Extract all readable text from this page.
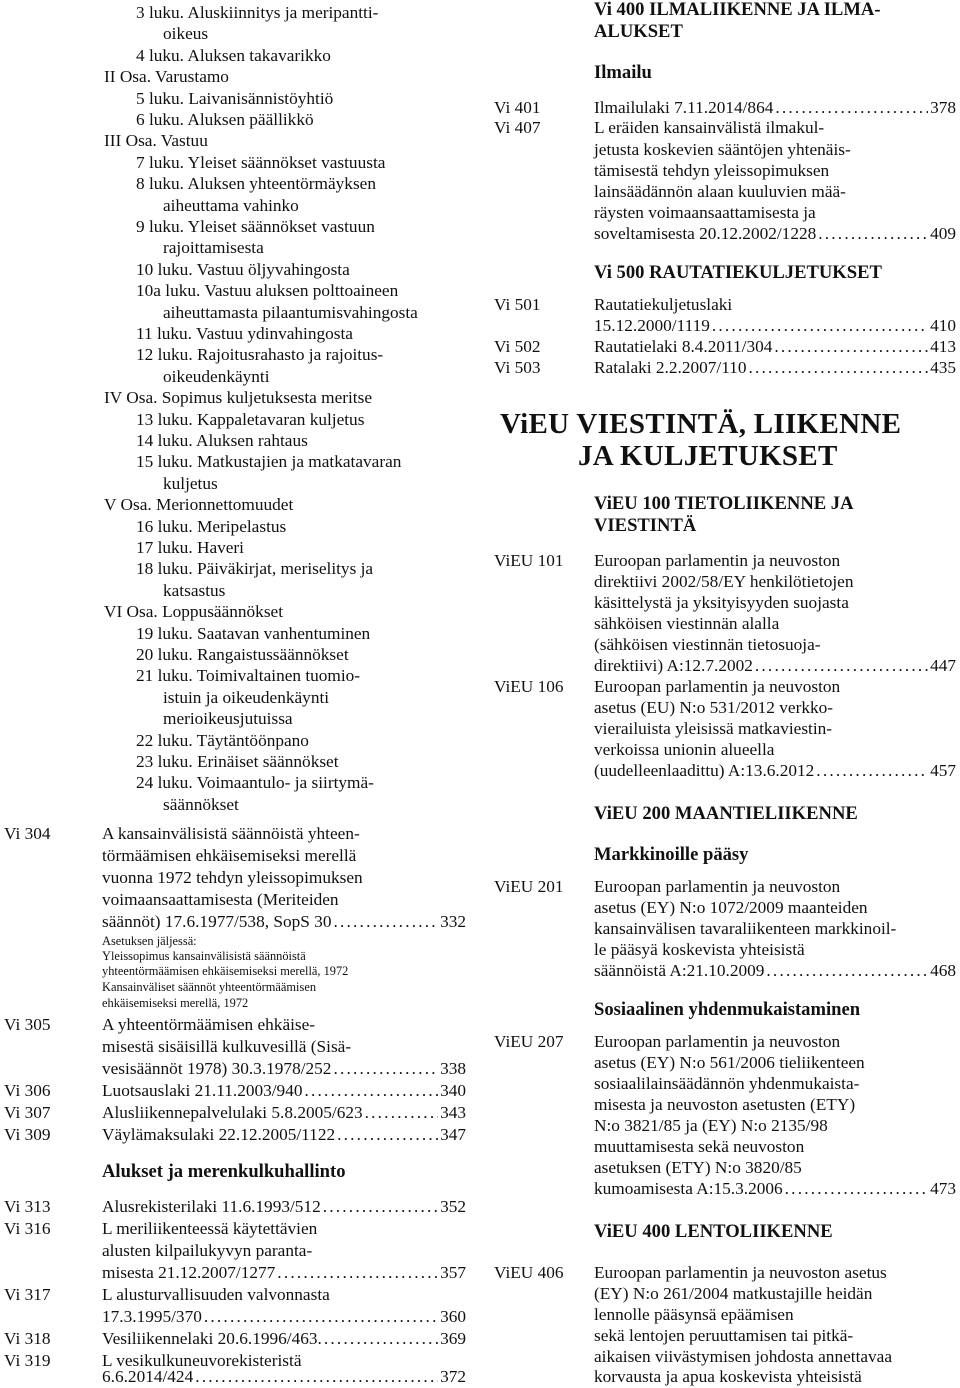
3 luku. Aluskiinnitys ja meripantti-
oikeus
4 luku. Aluksen takavarikko
II Osa. Varustamo
5 luku. Laivanisännistöyhtiö
6 luku. Aluksen päällikkö
III Osa. Vastuu
7 luku. Yleiset säännökset vastuusta
8 luku. Aluksen yhteentörmäyksen
aiheuttama vahinko
9 luku. Yleiset säännökset vastuun
rajoittamisesta
10 luku. Vastuu öljyvahingosta
10a luku. Vastuu aluksen polttoaineen
aiheuttamasta pilaantumisvahingosta
11 luku. Vastuu ydinvahingosta
12 luku. Rajoitusrahasto ja rajoitus-
oikeudenkäynti
IV Osa. Sopimus kuljetuksesta meritse
13 luku. Kappaletavaran kuljetus
14 luku. Aluksen rahtaus
15 luku. Matkustajien ja matkatavaran
kuljetus
V Osa. Merionnettomuudet
16 luku. Meripelastus
17 luku. Haveri
18 luku. Päiväkirjat, meriselitys ja
katsastus
VI Osa. Loppusäännökset
19 luku. Saatavan vanhentuminen
20 luku. Rangaistussäännökset
21 luku. Toimivaltainen tuomio-
istuin ja oikeudenkäynti
merioikeusjutuissa
22 luku. Täytäntöönpano
23 luku. Erinäiset säännökset
24 luku. Voimaantulo- ja siirtymä-
säännökset
Vi 304	A kansainvälisistä säännöistä yhteen-
törmäämisen ehkäisemiseksi merellä
vuonna 1972 tehdyn yleissopimuksen
voimaansaattamisesta (Meriteiden
säännöt) 17.6.1977/538, SopS 30 .....	332
Asetuksen jäljessä:
Yleissopimus kansainvälisistä säännöistä
yhteentörmäämisen ehkäisemiseksi merellä, 1972
Kansainväliset säännöt yhteentörmäämisen
ehkäisemiseksi merellä, 1972
Vi 305	A yhteentörmäämisen ehkäise-
misestä sisäisillä kulkuvesillä (Sisä-
vesisäännöt 1978) 30.3.1978/252 .....	338
Vi 306	Luotsauslaki 21.11.2003/940 .....	340
Vi 307	Alusliikennepalvelulaki 5.8.2005/623 .....	343
Vi 309	Väylämaksulaki 22.12.2005/1122 .....	347
Alukset ja merenkulkuhallinto
Vi 313	Alusrekisterilaki 11.6.1993/512 .....	352
Vi 316	L meriliikenteessä käytettävien
alusten kilpailukyvyn paranta-
misesta 21.12.2007/1277 .....	357
Vi 317	L alusturvallisuuden valvonnasta
17.3.1995/370 .....	360
Vi 318	Vesiliikennelaki 20.6.1996/463. .....	369
Vi 319	L vesikulkuneuvorekisteristä
6.6.2014/424 .....	372
Vi 400 ILMALIIKENNE JA ILMA-
ALUKSET
Ilmailu
Vi 401	Ilmailulaki 7.11.2014/864 .....	378
Vi 407	L eräiden kansainvälistä ilmakul-
jetusta koskevien sääntöjen yhtenäis-
tämisestä tehdyn yleissopimuksen
lainsäädännön alaan kuuluvien mää-
räysten voimaansaattamisesta ja
soveltamisesta 20.12.2002/1228 .....	409
Vi 500 RAUTATIEKULJETUKSET
Vi 501	Rautatiekuljetuslaki
15.12.2000/1119 .....	410
Vi 502	Rautatielaki 8.4.2011/304 .....	413
Vi 503	Ratalaki 2.2.2007/110 .....	435
ViEU VIESTINTÄ, LIIKENNE
JA KULJETUKSET
ViEU 100 TIETOLIIKENNE JA
VIESTINTÄ
ViEU 101 Euroopan parlamentin ja neuvoston
direktiivi 2002/58/EY henkilötietojen
käsittelystä ja yksityisyyden suojasta
sähköisen viestinnän alalla
(sähköisen viestinnän tietosuoja-
direktiivi) A:12.7.2002 .....	447
ViEU 106 Euroopan parlamentin ja neuvoston
asetus (EU) N:o 531/2012 verkko-
vierailuista yleisissä matkaviestin-
verkoissa unionin alueella
(uudelleenlaadittu) A:13.6.2012 .....	457
ViEU 200 MAANTIELIIKENNE
Markkinoille pääsy
ViEU 201 Euroopan parlamentin ja neuvoston
asetus (EY) N:o 1072/2009 maanteiden
kansainvälisen tavaraliikenteen markkinoil-
le pääsyä koskevista yhteisistä
säännöistä A:21.10.2009 .....	468
Sosiaalinen yhdenmukaistaminen
ViEU 207 Euroopan parlamentin ja neuvoston
asetus (EY) N:o 561/2006 tieliikenteen
sosiaalilainsäädännön yhdenmukaista-
misesta ja neuvoston asetusten (ETY)
N:o 3821/85 ja (EY) N:o 2135/98
muuttamisesta sekä neuvoston
asetuksen (ETY) N:o 3820/85
kumoamisesta A:15.3.2006 .....	473
ViEU 400 LENTOLIIKENNE
ViEU 406 Euroopan parlamentin ja neuvoston asetus
(EY) N:o 261/2004 matkustajille heidän
lennolle pääsynsä epäämisen
sekä lentojen peruuttamisen tai pitkä-
aikaisen viivästymisen johdosta annettavaa
korvausta ja apua koskevista yhteisistä
